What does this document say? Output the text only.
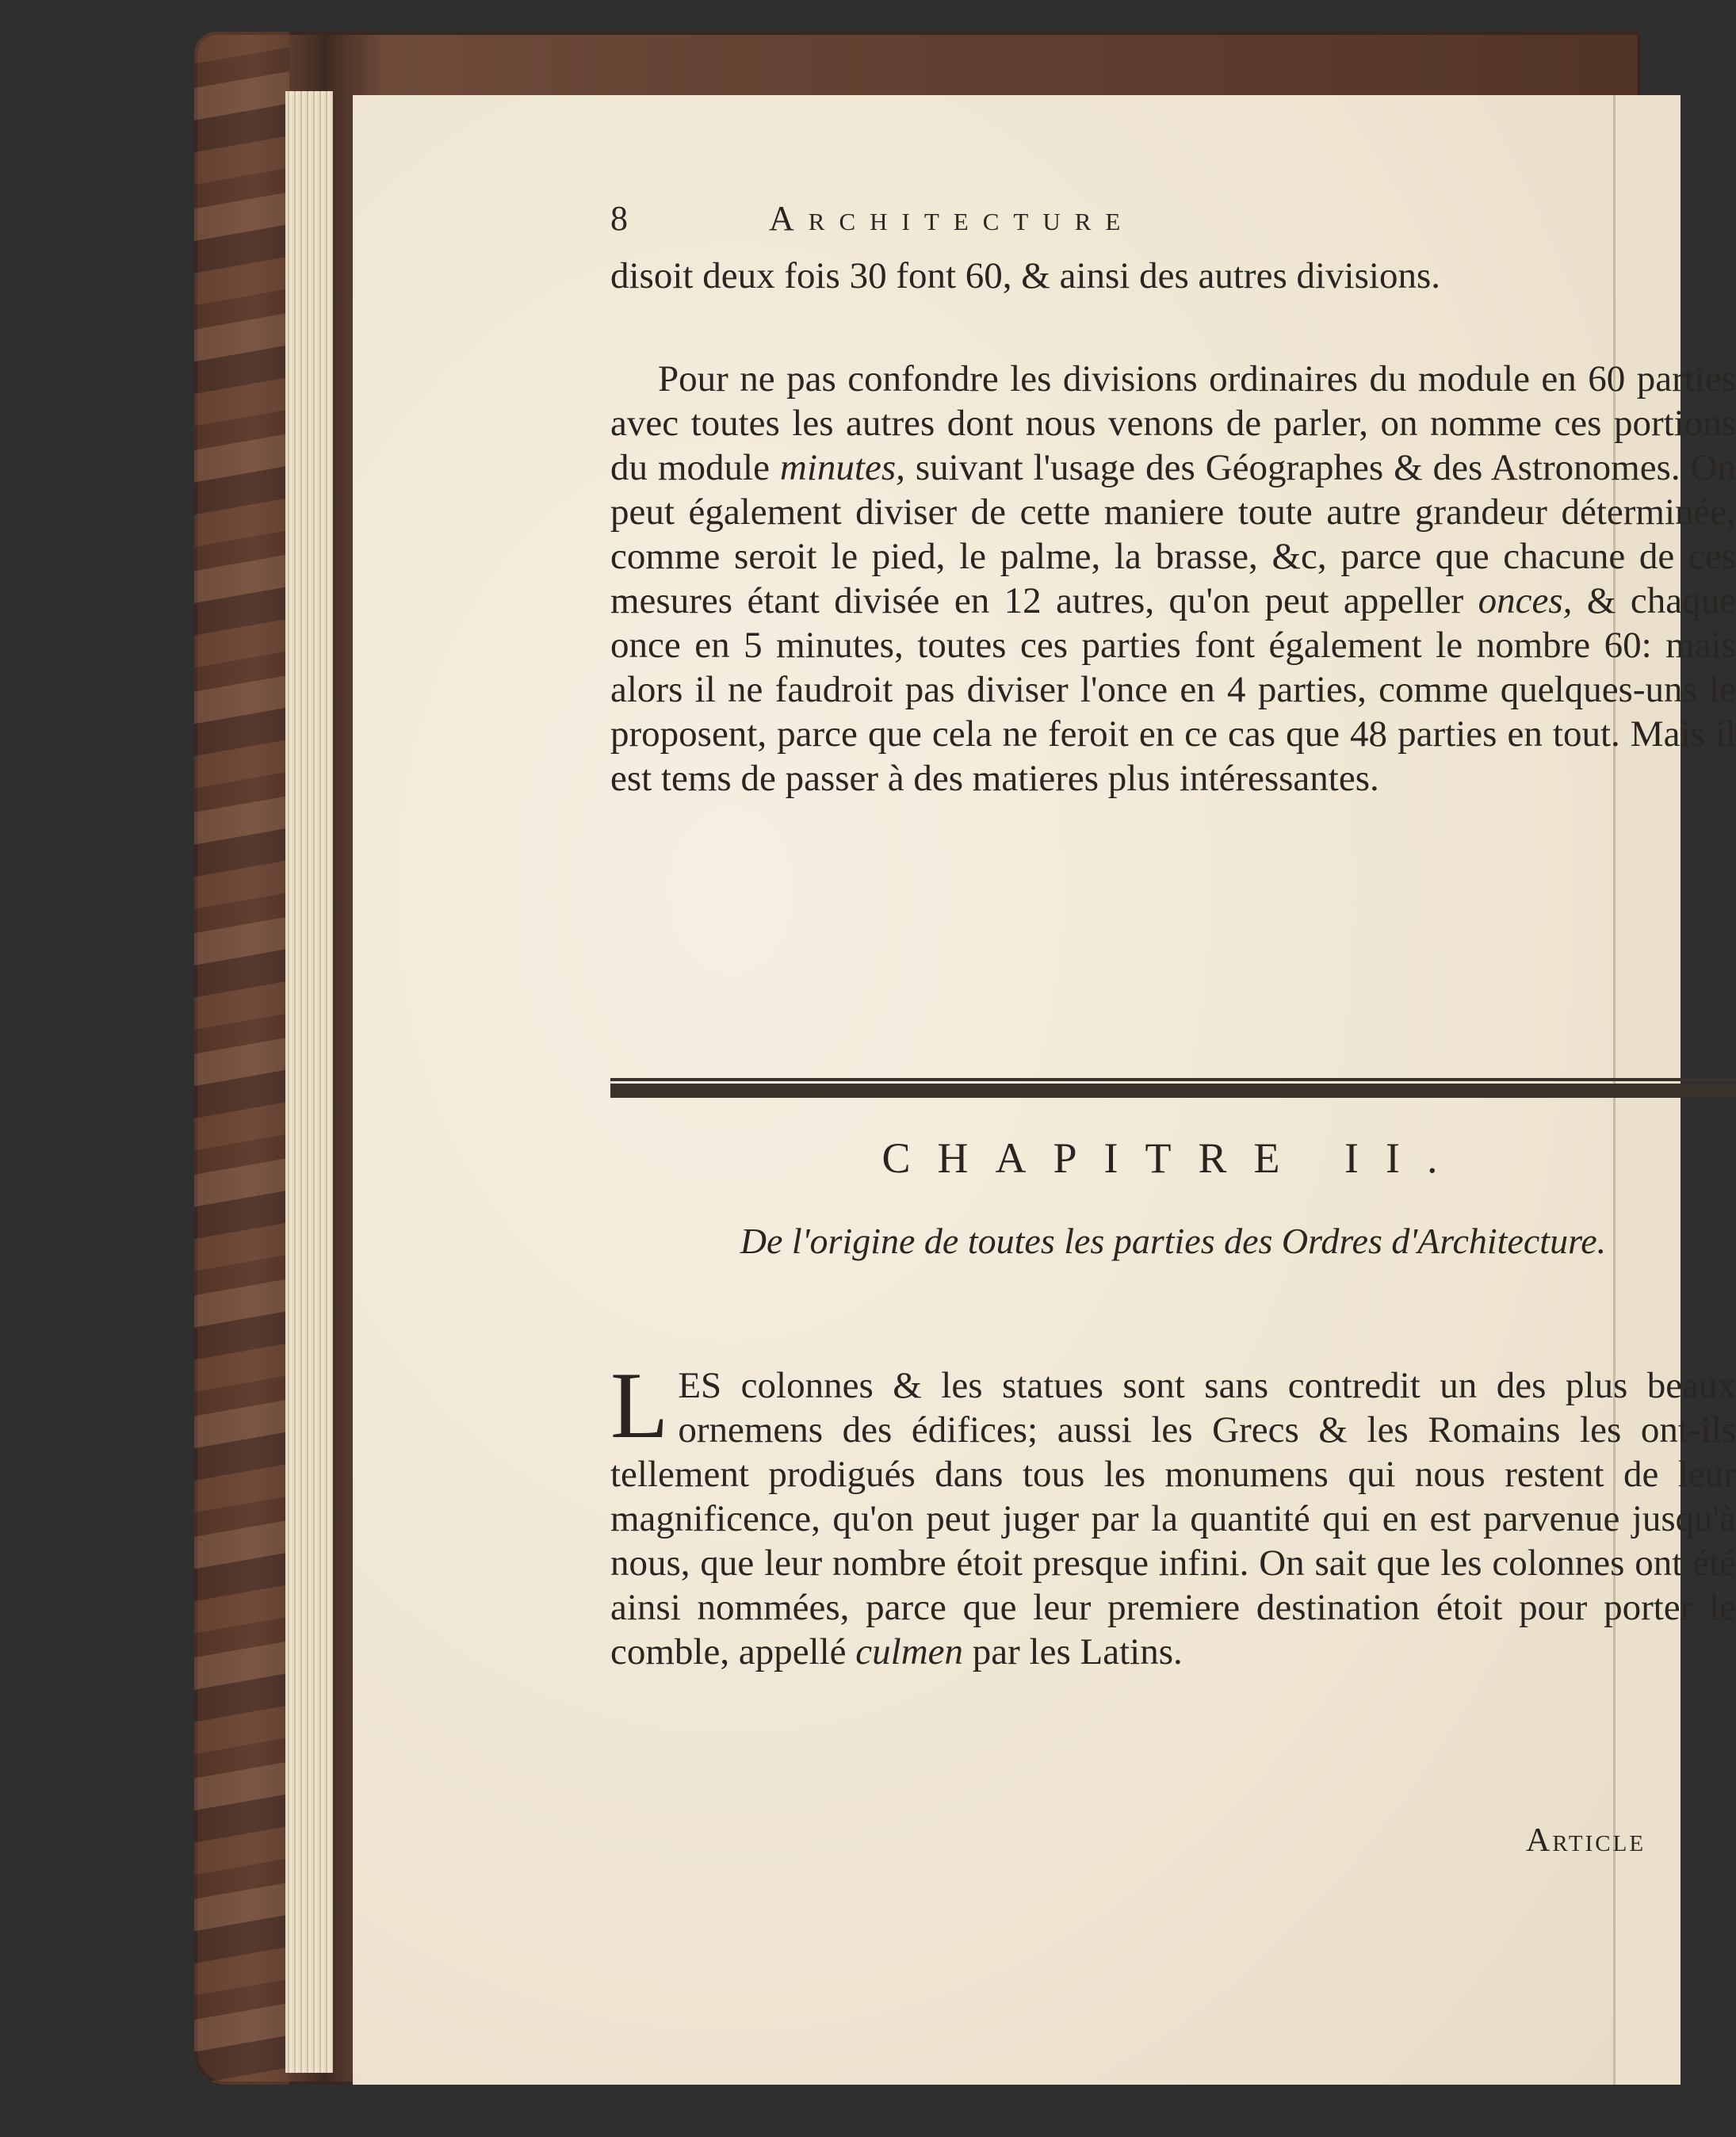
8	Architecture

disoit deux fois 30 font 60, & ainsi des autres divisions.

Pour ne pas confondre les divisions ordinaires du module en 60 parties avec toutes les autres dont nous venons de parler, on nomme ces portions du module minutes, suivant l'usage des Géographes & des Astronomes. On peut également diviser de cette maniere toute autre grandeur déterminée, comme seroit le pied, le palme, la brasse, &c, parce que chacune de ces mesures étant divisée en 12 autres, qu'on peut appeller onces, & chaque once en 5 minutes, toutes ces parties font également le nombre 60: mais alors il ne faudroit pas diviser l'once en 4 parties, comme quelques-uns le proposent, parce que cela ne feroit en ce cas que 48 parties en tout. Mais il est tems de passer à des matieres plus intéressantes.

CHAPITRE II.
De l'origine de toutes les parties des Ordres d'Architecture.

LES colonnes & les statues sont sans contredit un des plus beaux ornemens des édifices; aussi les Grecs & les Romains les ont-ils tellement prodigués dans tous les monumens qui nous restent de leur magnificence, qu'on peut juger par la quantité qui en est parvenue jusqu'à nous, que leur nombre étoit presque infini. On sait que les colonnes ont été ainsi nommées, parce que leur premiere destination étoit pour porter le comble, appellé culmen par les Latins.

Article
